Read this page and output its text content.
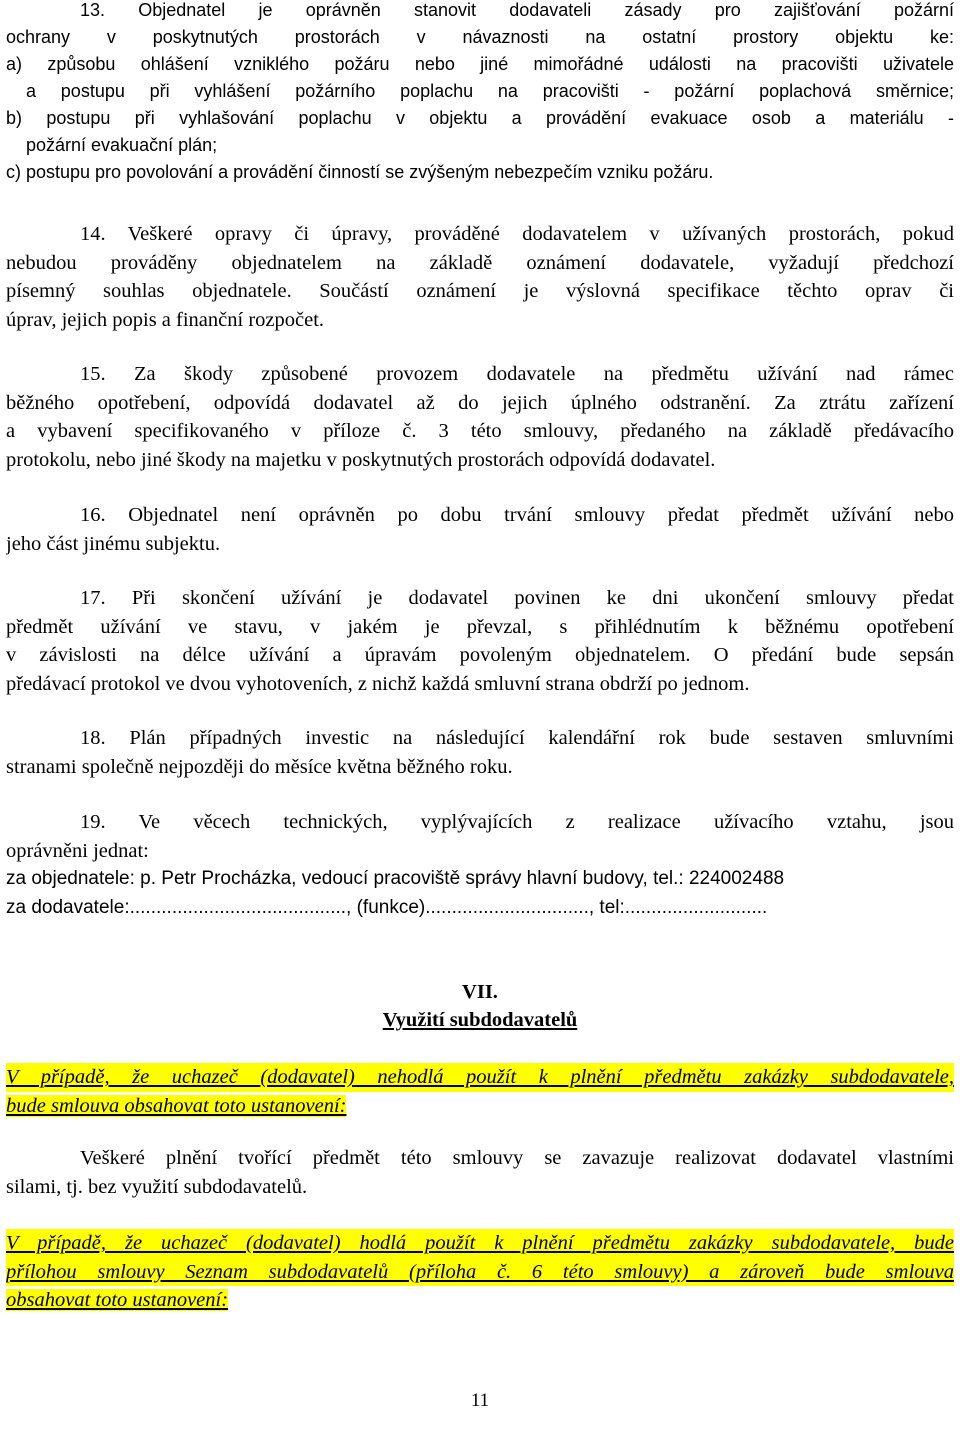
13. Objednatel je oprávněn stanovit dodavateli zásady pro zajišťování požární
ochrany v poskytnutých prostorách v návaznosti na ostatní prostory objektu ke:
a) způsobu ohlášení vzniklého požáru nebo jiné mimořádné události na pracovišti uživatele
a postupu při vyhlášení požárního poplachu na pracovišti - požární poplachová směrnice;
b) postupu při vyhlašování poplachu v objektu a provádění evakuace osob a materiálu -
požární evakuační plán;
c) postupu pro povolování a provádění činností se zvýšeným nebezpečím vzniku požáru.
14. Veškeré opravy či úpravy, prováděné dodavatelem v užívaných prostorách, pokud
nebudou prováděny objednatelem na základě oznámení dodavatele, vyžadují předchozí
písemný souhlas objednatele. Součástí oznámení je výslovná specifikace těchto oprav či
úprav, jejich popis a finanční rozpočet.
15. Za škody způsobené provozem dodavatele na předmětu užívání nad rámec
běžného opotřebení, odpovídá dodavatel až do jejich úplného odstranění. Za ztrátu zařízení
a vybavení specifikovaného v příloze č. 3 této smlouvy, předaného na základě předávacího
protokolu, nebo jiné škody na majetku v poskytnutých prostorách odpovídá dodavatel.
16. Objednatel není oprávněn po dobu trvání smlouvy předat předmět užívání nebo
jeho část jinému subjektu.
17. Při skončení užívání je dodavatel povinen ke dni ukončení smlouvy předat
předmět užívání ve stavu, v jakém je převzal, s přihlédnutím k běžnému opotřebení
v závislosti na délce užívání a úpravám povoleným objednatelem. O předání bude sepsán
předávací protokol ve dvou vyhotoveních, z nichž každá smluvní strana obdrží po jednom.
18. Plán případných investic na následující kalendářní rok bude sestaven smluvními
stranami společně nejpozději do měsíce května běžného roku.
19. Ve věcech technických, vyplývajících z realizace užívacího vztahu, jsou
oprávněni jednat:
za objednatele: p. Petr Procházka, vedoucí pracoviště správy hlavní budovy, tel.: 224002488
za dodavatele:........................................., (funkce)..............................., tel:...........................
VII.
Využití subdodavatelů
V případě, že uchazeč (dodavatel) nehodlá použít k plnění předmětu zakázky subdodavatele,
bude smlouva obsahovat toto ustanovení:
Veškeré plnění tvořící předmět této smlouvy se zavazuje realizovat dodavatel vlastními
silami, tj. bez využití subdodavatelů.
V případě, že uchazeč (dodavatel) hodlá použít k plnění předmětu zakázky subdodavatele, bude
přílohou smlouvy Seznam subdodavatelů (příloha č. 6 této smlouvy) a zároveň bude smlouva
obsahovat toto ustanovení:
11
